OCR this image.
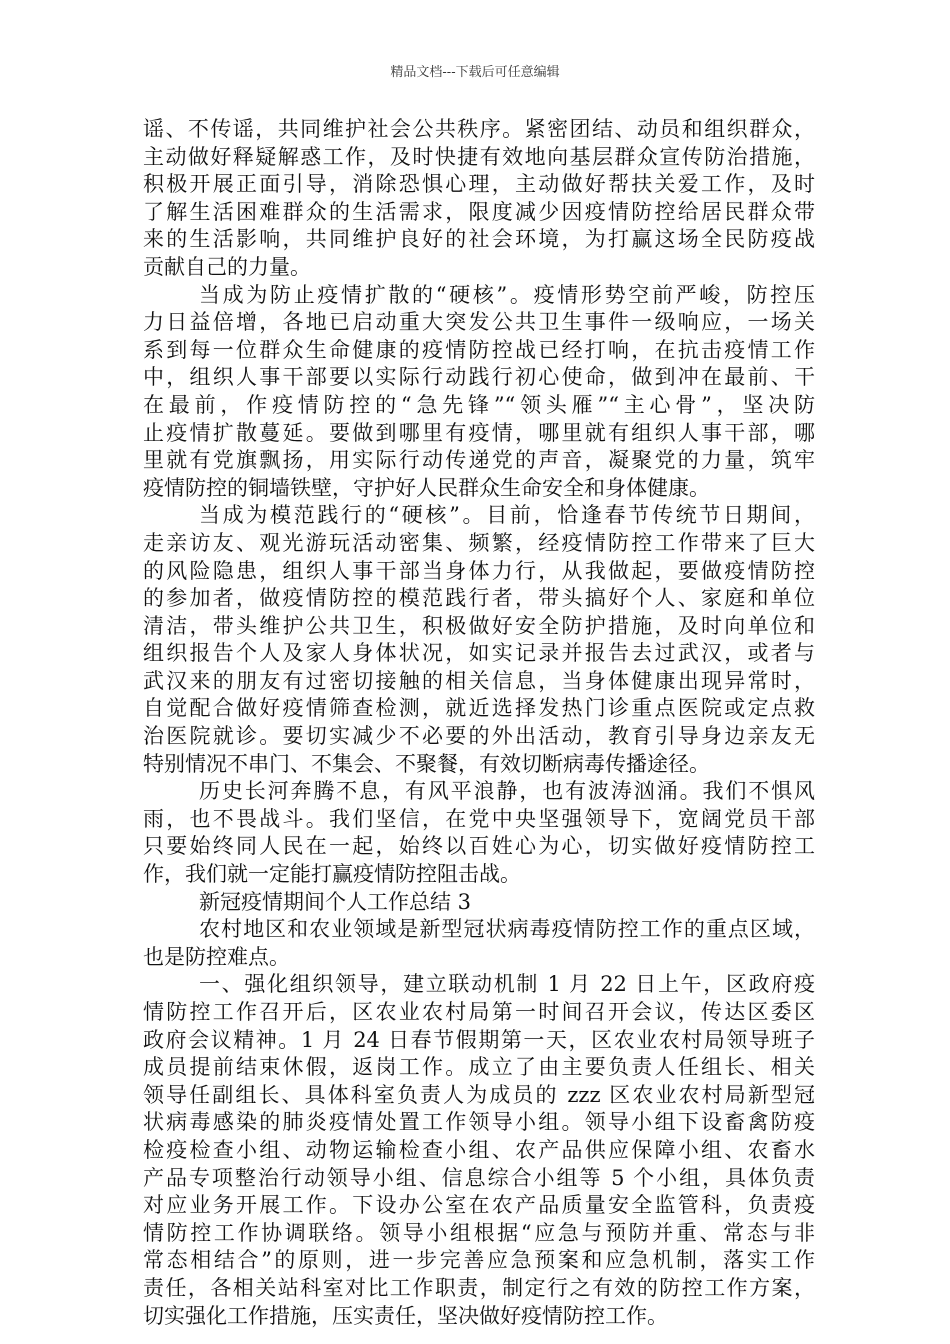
精品文档---下载后可任意编辑
谣、不传谣，共同维护社会公共秩序。紧密团结、动员和组织群众，
主动做好释疑解惑工作，及时快捷有效地向基层群众宣传防治措施，
积极开展正面引导，消除恐惧心理，主动做好帮扶关爱工作，及时
了解生活困难群众的生活需求，限度减少因疫情防控给居民群众带
来的生活影响，共同维护良好的社会环境，为打赢这场全民防疫战
贡献自己的力量。
当成为防止疫情扩散的“硬核”。疫情形势空前严峻，防控压
力日益倍增，各地已启动重大突发公共卫生事件一级响应，一场关
系到每一位群众生命健康的疫情防控战已经打响，在抗击疫情工作
中，组织人事干部要以实际行动践行初心使命，做到冲在最前、干
在最前，作疫情防控的“急先锋”“领头雁”“主心骨”，坚决防
止疫情扩散蔓延。要做到哪里有疫情，哪里就有组织人事干部，哪
里就有党旗飘扬，用实际行动传递党的声音，凝聚党的力量，筑牢
疫情防控的铜墙铁壁，守护好人民群众生命安全和身体健康。
当成为模范践行的“硬核”。目前，恰逢春节传统节日期间，
走亲访友、观光游玩活动密集、频繁，经疫情防控工作带来了巨大
的风险隐患，组织人事干部当身体力行，从我做起，要做疫情防控
的参加者，做疫情防控的模范践行者，带头搞好个人、家庭和单位
清洁，带头维护公共卫生，积极做好安全防护措施，及时向单位和
组织报告个人及家人身体状况，如实记录并报告去过武汉，或者与
武汉来的朋友有过密切接触的相关信息，当身体健康出现异常时，
自觉配合做好疫情筛查检测，就近选择发热门诊重点医院或定点救
治医院就诊。要切实减少不必要的外出活动，教育引导身边亲友无
特别情况不串门、不集会、不聚餐，有效切断病毒传播途径。
历史长河奔腾不息，有风平浪静，也有波涛汹涌。我们不惧风
雨，也不畏战斗。我们坚信，在党中央坚强领导下，宽阔党员干部
只要始终同人民在一起，始终以百姓心为心，切实做好疫情防控工
作，我们就一定能打赢疫情防控阻击战。
新冠疫情期间个人工作总结 3
农村地区和农业领域是新型冠状病毒疫情防控工作的重点区域，
也是防控难点。
一、强化组织领导，建立联动机制 1 月 22 日上午，区政府疫
情防控工作召开后，区农业农村局第一时间召开会议，传达区委区
政府会议精神。1 月 24 日春节假期第一天，区农业农村局领导班子
成员提前结束休假，返岗工作。成立了由主要负责人任组长、相关
领导任副组长、具体科室负责人为成员的 zzz 区农业农村局新型冠
状病毒感染的肺炎疫情处置工作领导小组。领导小组下设畜禽防疫
检疫检查小组、动物运输检查小组、农产品供应保障小组、农畜水
产品专项整治行动领导小组、信息综合小组等 5 个小组，具体负责
对应业务开展工作。下设办公室在农产品质量安全监管科，负责疫
情防控工作协调联络。领导小组根据“应急与预防并重、常态与非
常态相结合”的原则，进一步完善应急预案和应急机制，落实工作
责任，各相关站科室对比工作职责，制定行之有效的防控工作方案，
切实强化工作措施，压实责任，坚决做好疫情防控工作。
